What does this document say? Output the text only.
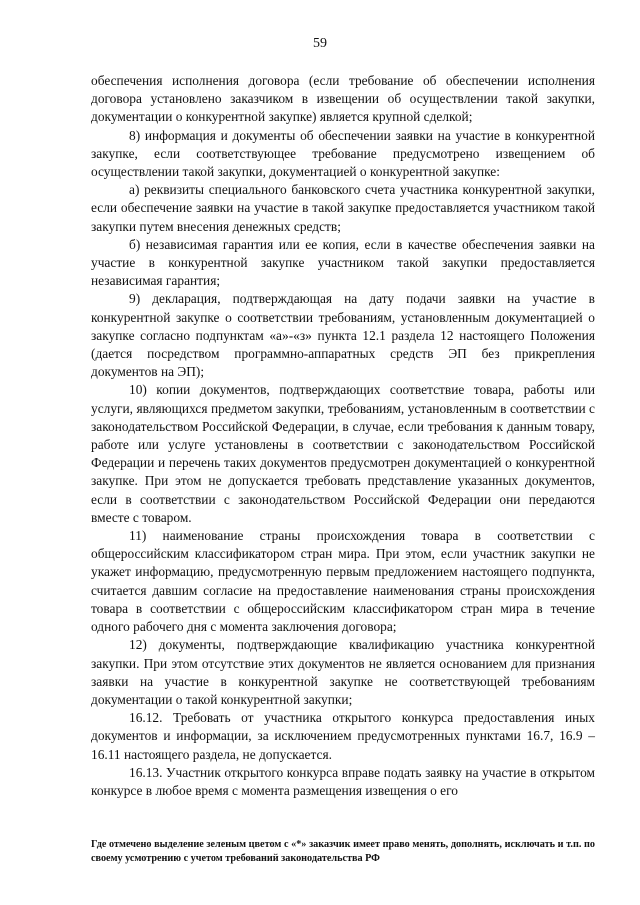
59

обеспечения исполнения договора (если требование об обеспечении исполнения договора установлено заказчиком в извещении об осуществлении такой закупки, документации о конкурентной закупке) является крупной сделкой;

8) информация и документы об обеспечении заявки на участие в конкурентной закупке, если соответствующее требование предусмотрено извещением об осуществлении такой закупки, документацией о конкурентной закупке:

а) реквизиты специального банковского счета участника конкурентной закупки, если обеспечение заявки на участие в такой закупке предоставляется участником такой закупки путем внесения денежных средств;

б) независимая гарантия или ее копия, если в качестве обеспечения заявки на участие в конкурентной закупке участником такой закупки предоставляется независимая гарантия;

9) декларация, подтверждающая на дату подачи заявки на участие в конкурентной закупке о соответствии требованиям, установленным документацией о закупке согласно подпунктам «а»-«з» пункта 12.1 раздела 12 настоящего Положения (дается посредством программно-аппаратных средств ЭП без прикрепления документов на ЭП);

10) копии документов, подтверждающих соответствие товара, работы или услуги, являющихся предметом закупки, требованиям, установленным в соответствии с законодательством Российской Федерации, в случае, если требования к данным товару, работе или услуге установлены в соответствии с законодательством Российской Федерации и перечень таких документов предусмотрен документацией о конкурентной закупке. При этом не допускается требовать представление указанных документов, если в соответствии с законодательством Российской Федерации они передаются вместе с товаром.

11) наименование страны происхождения товара в соответствии с общероссийским классификатором стран мира. При этом, если участник закупки не укажет информацию, предусмотренную первым предложением настоящего подпункта, считается давшим согласие на предоставление наименования страны происхождения товара в соответствии с общероссийским классификатором стран мира в течение одного рабочего дня с момента заключения договора;

12) документы, подтверждающие квалификацию участника конкурентной закупки. При этом отсутствие этих документов не является основанием для признания заявки на участие в конкурентной закупке не соответствующей требованиям документации о такой конкурентной закупки;

16.12. Требовать от участника открытого конкурса предоставления иных документов и информации, за исключением предусмотренных пунктами 16.7, 16.9 – 16.11 настоящего раздела, не допускается.

16.13. Участник открытого конкурса вправе подать заявку на участие в открытом конкурсе в любое время с момента размещения извещения о его

Где отмечено выделение зеленым цветом с «*» заказчик имеет право менять, дополнять, исключать и т.п. по своему усмотрению с учетом требований законодательства РФ
